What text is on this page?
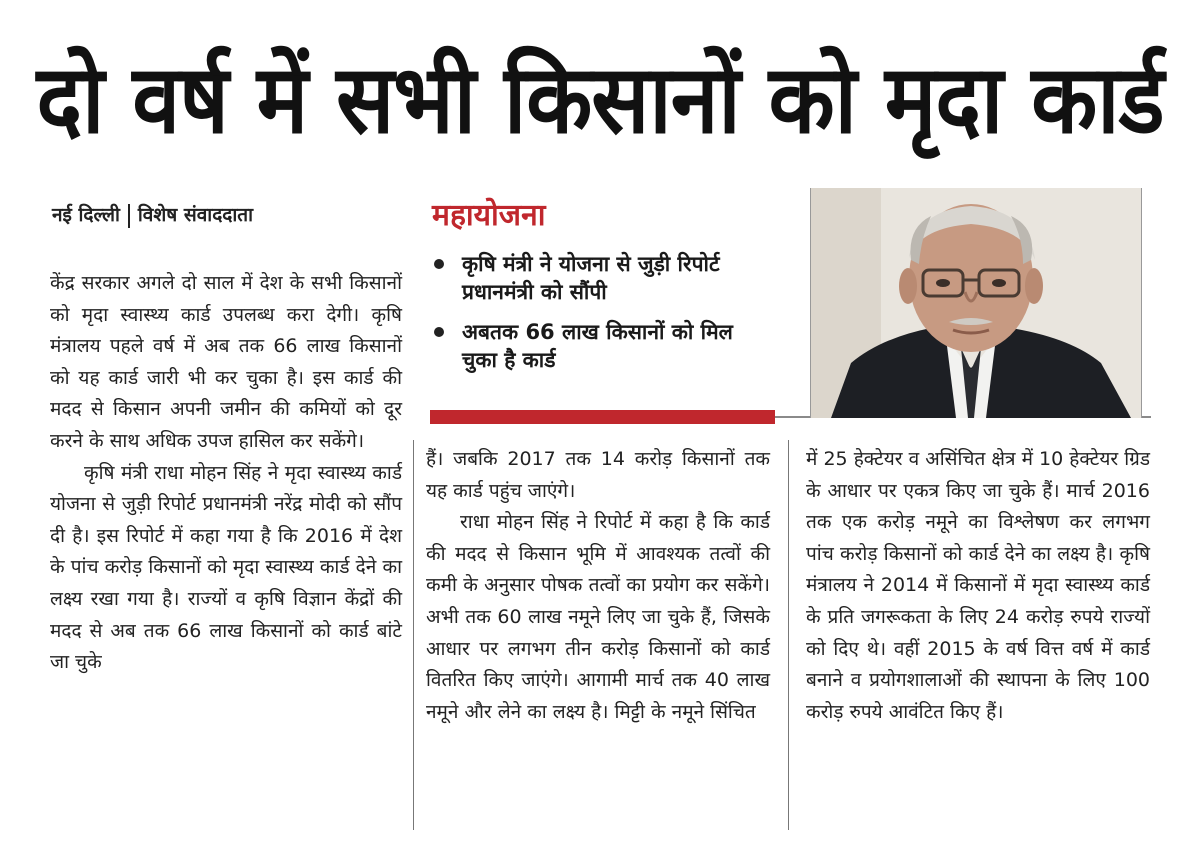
दो वर्ष में सभी किसानों को मृदा कार्ड
नई दिल्ली विशेष संवाददाता

केंद्र सरकार अगले दो साल में देश के सभी किसानों को मृदा स्वास्थ्य कार्ड उपलब्ध करा देगी। कृषि मंत्रालय पहले वर्ष में अब तक 66 लाख किसानों को यह कार्ड जारी भी कर चुका है। इस कार्ड की मदद से किसान अपनी जमीन की कमियों को दूर करने के साथ अधिक उपज हासिल कर सकेंगे।

कृषि मंत्री राधा मोहन सिंह ने मृदा स्वास्थ्य कार्ड योजना से जुड़ी रिपोर्ट प्रधानमंत्री नरेंद्र मोदी को सौंप दी है। इस रिपोर्ट में कहा गया है कि 2016 में देश के पांच करोड़ किसानों को मृदा स्वास्थ्य कार्ड देने का लक्ष्य रखा गया है। राज्यों व कृषि विज्ञान केंद्रों की मदद से अब तक 66 लाख किसानों को कार्ड बांटे जा चुके

महायोजना
कृषि मंत्री ने योजना से जुड़ी रिपोर्ट प्रधानमंत्री को सौंपी
अबतक 66 लाख किसानों को मिल चुका है कार्ड

हैं। जबकि 2017 तक 14 करोड़ किसानों तक यह कार्ड पहुंच जाएंगे।

राधा मोहन सिंह ने रिपोर्ट में कहा है कि कार्ड की मदद से किसान भूमि में आवश्यक तत्वों की कमी के अनुसार पोषक तत्वों का प्रयोग कर सकेंगे। अभी तक 60 लाख नमूने लिए जा चुके हैं, जिसके आधार पर लगभग तीन करोड़ किसानों को कार्ड वितरित किए जाएंगे। आगामी मार्च तक 40 लाख नमूने और लेने का लक्ष्य है। मिट्टी के नमूने सिंचित

में 25 हेक्टेयर व असिंचित क्षेत्र में 10 हेक्टेयर ग्रिड के आधार पर एकत्र किए जा चुके हैं। मार्च 2016 तक एक करोड़ नमूने का विश्लेषण कर लगभग पांच करोड़ किसानों को कार्ड देने का लक्ष्य है। कृषि मंत्रालय ने 2014 में किसानों में मृदा स्वास्थ्य कार्ड के प्रति जगरूकता के लिए 24 करोड़ रुपये राज्यों को दिए थे। वहीं 2015 के वर्ष वित्त वर्ष में कार्ड बनाने व प्रयोगशालाओं की स्थापना के लिए 100 करोड़ रुपये आवंटित किए हैं।
